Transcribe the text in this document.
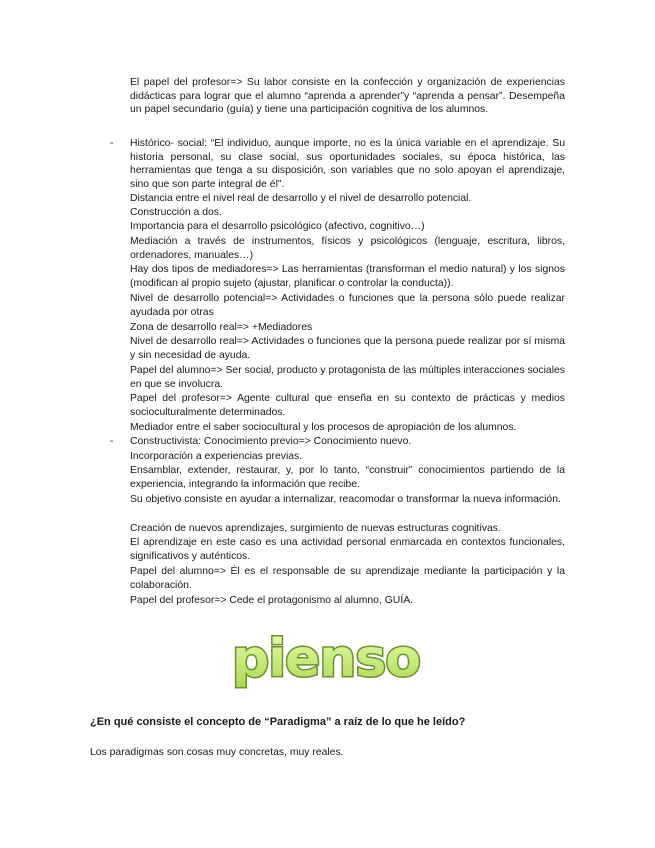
El papel del profesor=> Su labor consiste en la confección y organización de experiencias didácticas para lograr que el alumno “aprenda a aprender”y “aprenda a pensar”. Desempeña un papel secundario (guía) y tiene una participación cognitiva de los alumnos.

- Histórico- social: “El individuo, aunque importe, no es la única variable en el aprendizaje. Su historia personal, su clase social, sus oportunidades sociales, su época histórica, las herramientas que tenga a su disposición, son variables que no solo apoyan el aprendizaje, sino que son parte integral de él”.

Distancia entre el nivel real de desarrollo y el nivel de desarrollo potencial.

Construcción a dos.

Importancia para el desarrollo psicológico (afectivo, cognitivo…)

Mediación a través de instrumentos, físicos y psicológicos (lenguaje, escritura, libros, ordenadores, manuales…)

Hay dos tipos de mediadores=> Las herramientas (transforman el medio natural) y los signos (modifican al propio sujeto (ajustar, planificar o controlar la conducta)).

Nivel de desarrollo potencial=> Actividades o funciones que la persona sólo puede realizar ayudada por otras

Zona de desarrollo real=> +Mediadores

Nivel de desarrollo real=> Actividades o funciones que la persona puede realizar por sí misma y sin necesidad de ayuda.

Papel del alumno=> Ser social, producto y protagonista de las múltiples interacciones sociales en que se involucra.

Papel del profesor=> Agente cultural que enseña en su contexto de prácticas y medios socioculturalmente determinados.

Mediador entre el saber sociocultural y los procesos de apropiación de los alumnos.

- Constructivista: Conocimiento previo=> Conocimiento nuevo.

Incorporación a experiencias previas.

Ensamblar, extender, restaurar, y, por lo tanto, “construir” conocimientos partiendo de la experiencia, integrando la información que recibe.

Su objetivo consiste en ayudar a internalizar, reacomodar o transformar la nueva información.

Creación de nuevos aprendizajes, surgimiento de nuevas estructuras cognitivas.

El aprendizaje en este caso es una actividad personal enmarcada en contextos funcionales, significativos y auténticos.

Papel del alumno=> Él es el responsable de su aprendizaje mediante la participación y la colaboración.

Papel del profesor=> Cede el protagonismo al alumno, GUÍA.

pienso

¿En qué consiste el concepto de “Paradigma” a raíz de lo que he leído?

Los paradigmas son cosas muy concretas, muy reales.
